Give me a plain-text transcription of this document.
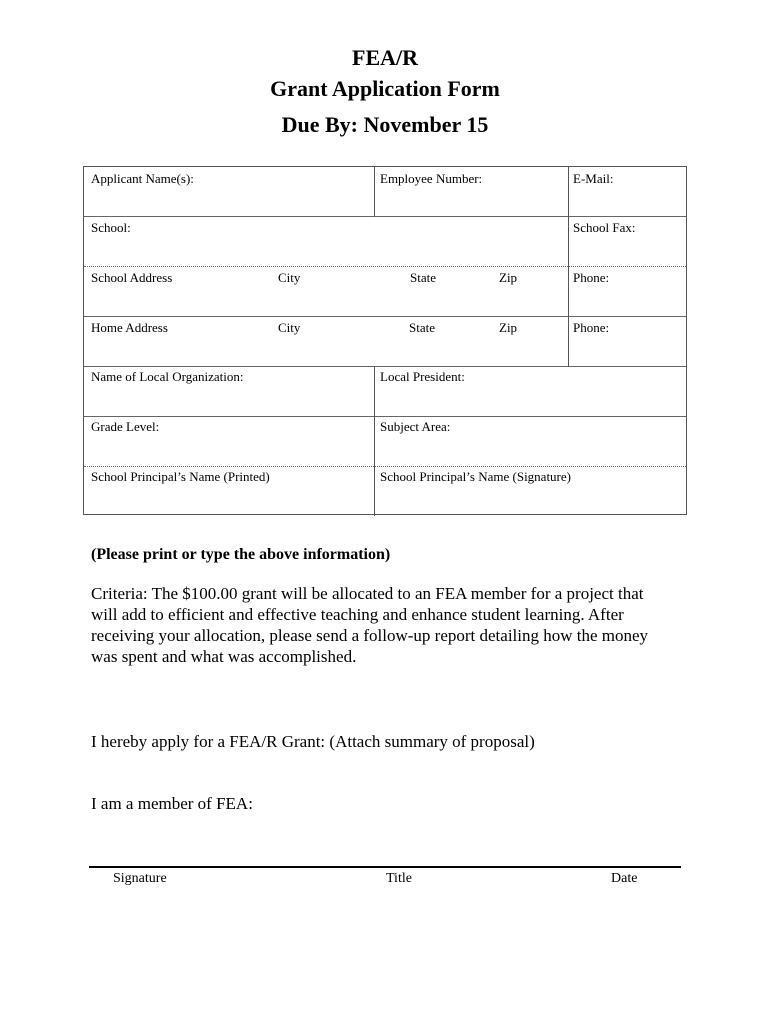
FEA/R
Grant Application Form
Due By: November 15
Applicant Name(s):	Employee Number:	E-Mail:
School:	School Fax:
School Address	City	State	Zip	Phone:
Home Address	City	State	Zip	Phone:
Name of Local Organization:	Local President:
Grade Level:	Subject Area:
School Principal’s Name (Printed)	School Principal’s Name (Signature)
(Please print or type the above information)
Criteria: The $100.00 grant will be allocated to an FEA member for a project that
will add to efficient and effective teaching and enhance student learning. After
receiving your allocation, please send a follow-up report detailing how the money
was spent and what was accomplished.
I hereby apply for a FEA/R Grant: (Attach summary of proposal)
I am a member of FEA:
Signature	Title	Date
